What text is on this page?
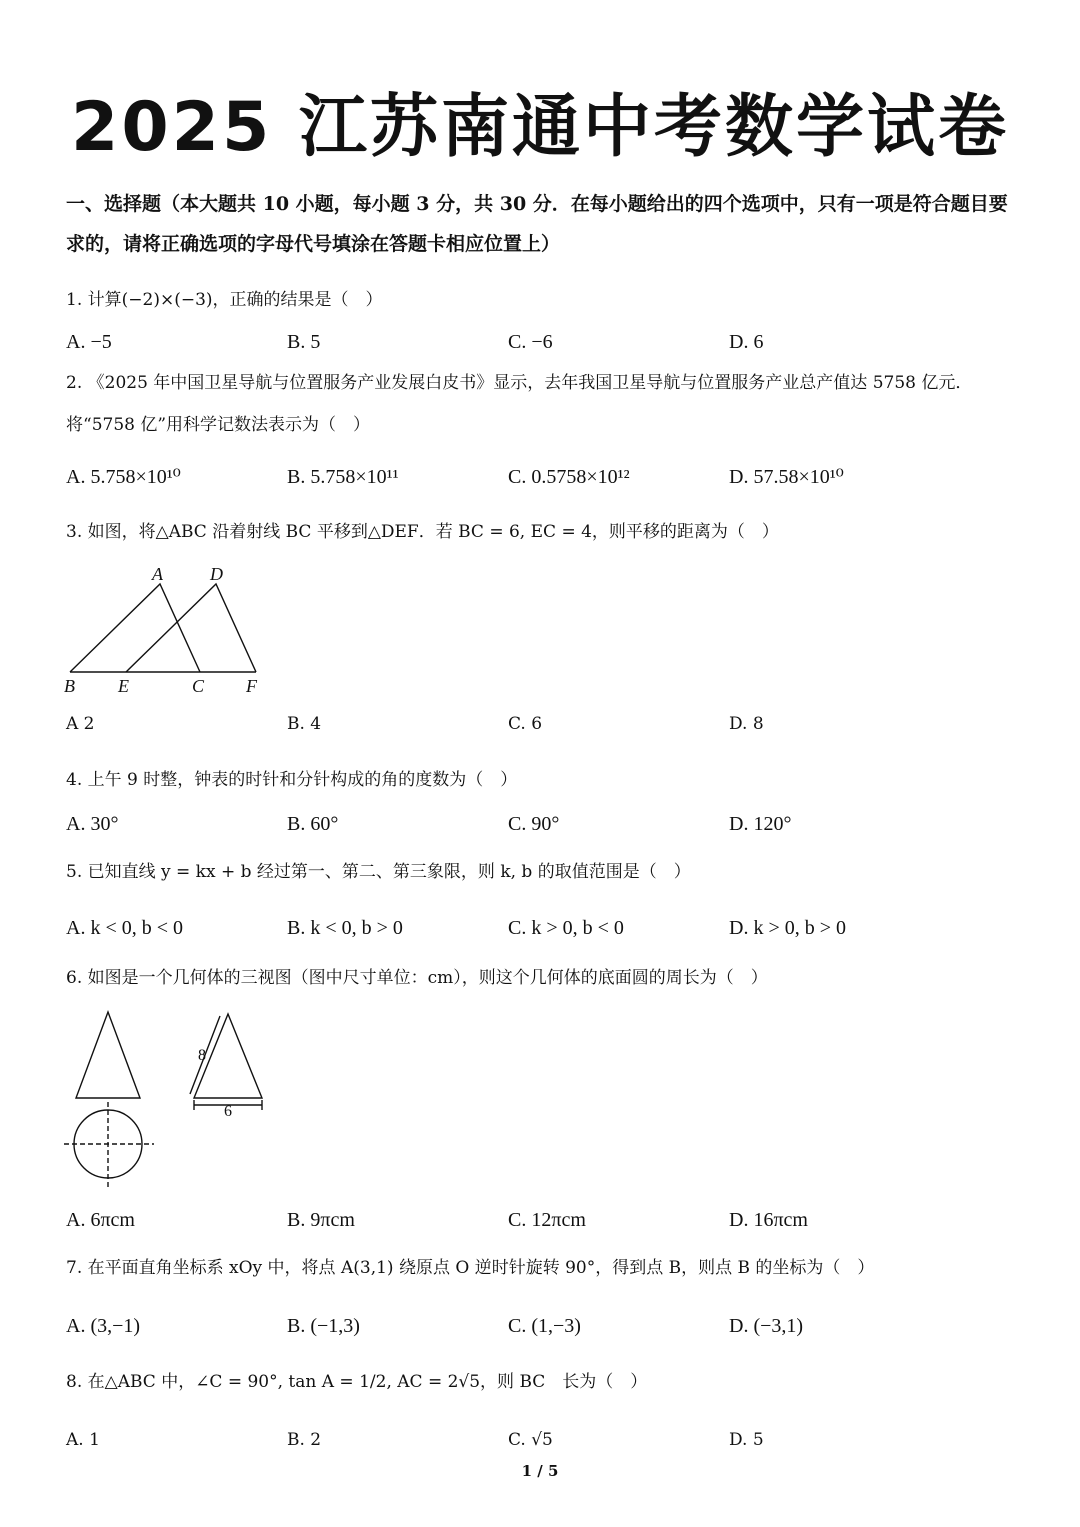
2025 江苏南通中考数学试卷
一、选择题（本大题共 10 小题，每小题 3 分，共 30 分．在每小题给出的四个选项中，只有一项是符合题目要求的，请将正确选项的字母代号填涂在答题卡相应位置上）
1. 计算(−2)×(−3)，正确的结果是（　）
A. −5	B. 5	C. −6	D. 6
2. 《2025 年中国卫星导航与位置服务产业发展白皮书》显示，去年我国卫星导航与位置服务产业总产值达 5758 亿元．将“5758 亿”用科学记数法表示为（　）
A. 5.758×10¹⁰	B. 5.758×10¹¹	C. 0.5758×10¹²	D. 57.58×10¹⁰
3. 如图，将△ABC 沿着射线 BC 平移到△DEF．若 BC = 6, EC = 4，则平移的距离为（　）
A	D
B E	C F
A 2	B. 4	C. 6	D. 8
4. 上午 9 时整，钟表的时针和分针构成的角的度数为（　）
A. 30°	B. 60°	C. 90°	D. 120°
5. 已知直线 y = kx + b 经过第一、第二、第三象限，则 k, b 的取值范围是（　）
A. k < 0, b < 0	B. k < 0, b > 0	C. k > 0, b < 0	D. k > 0, b > 0
6. 如图是一个几何体的三视图（图中尺寸单位：cm），则这个几何体的底面圆的周长为（　）
8
6
A. 6πcm	B. 9πcm	C. 12πcm	D. 16πcm
7. 在平面直角坐标系 xOy 中，将点 A(3,1) 绕原点 O 逆时针旋转 90°，得到点 B，则点 B 的坐标为（　）
A. (3,−1)	B. (−1,3)	C. (1,−3)	D. (−3,1)
8. 在△ABC 中，∠C = 90°, tan A = 1/2, AC = 2√5，则 BC　长为（　）
A. 1	B. 2	C. √5	D. 5
1 / 5
